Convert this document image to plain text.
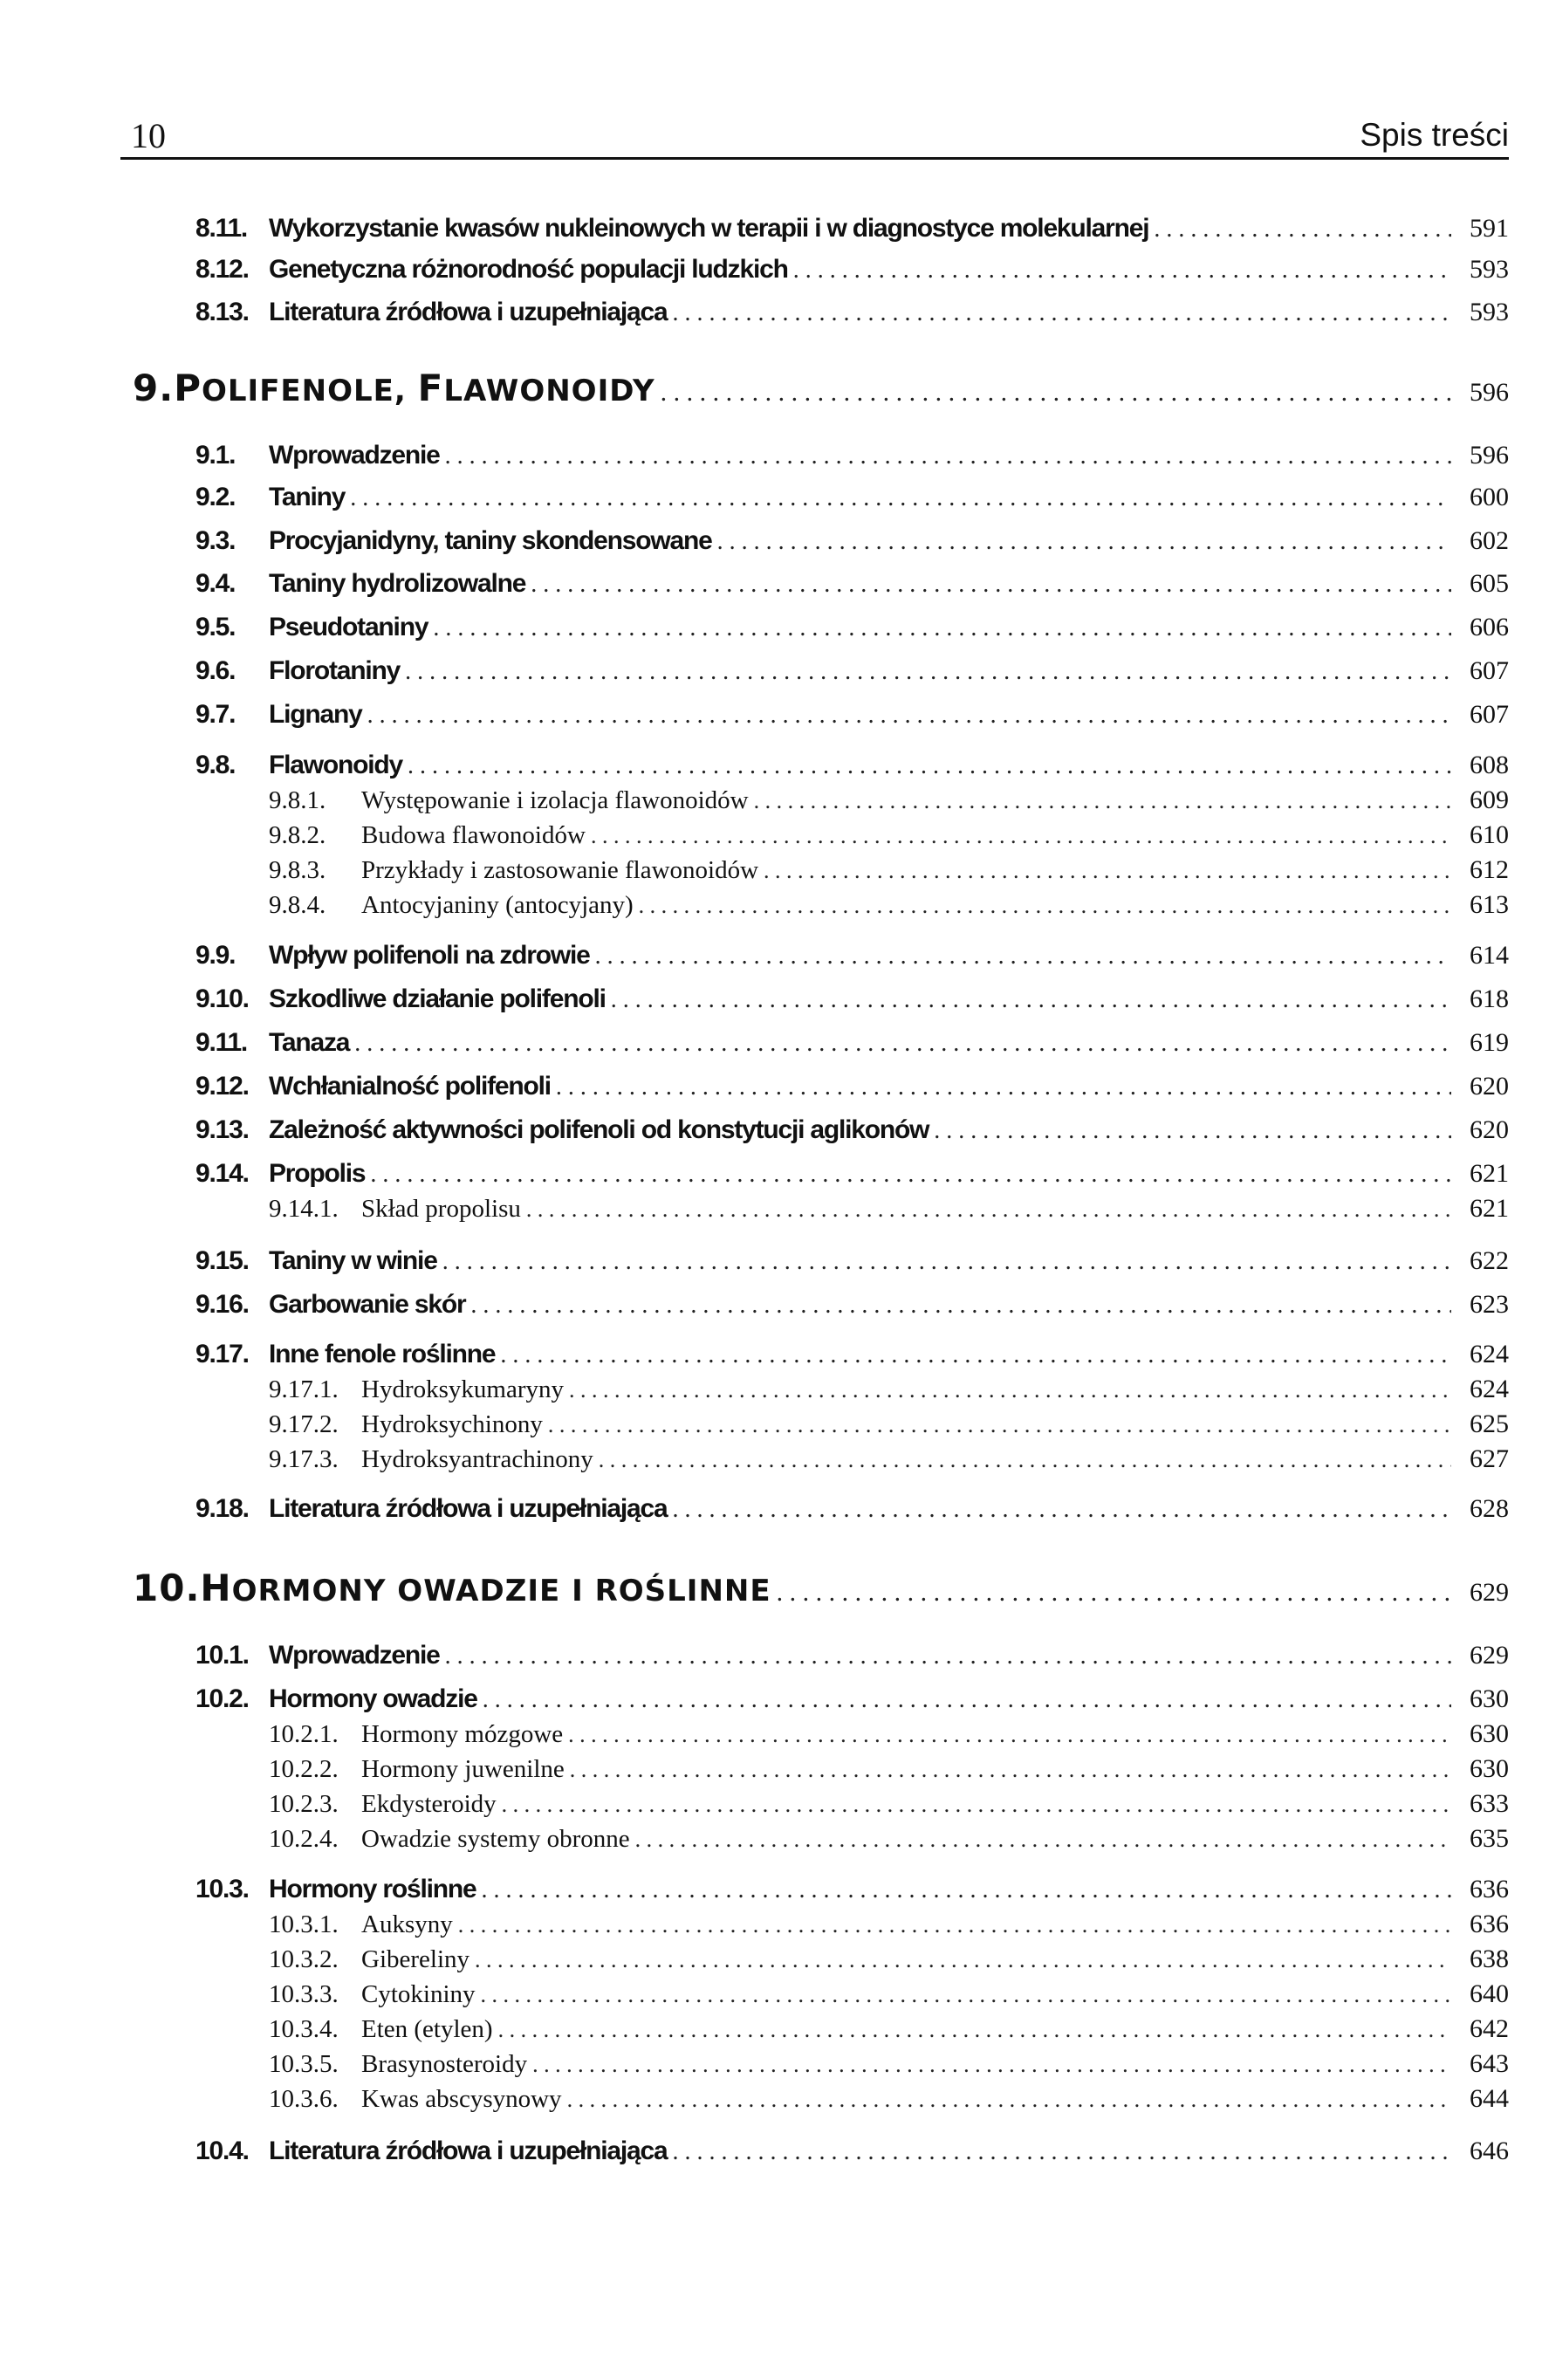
10	Spis treści
8.11. Wykorzystanie kwasów nukleinowych w terapii i w diagnostyce molekularnej . . .	591
8.12. Genetyczna różnorodność populacji ludzkich . . .	593
8.13. Literatura źródłowa i uzupełniająca . . .	593
9. POLIFENOLE, FLAWONOIDY . . .	596
9.1.	Wprowadzenie . . .	596
9.2.	Taniny . . .	600
9.3.	Procyjanidyny, taniny skondensowane . . .	602
9.4.	Taniny hydrolizowalne . . .	605
9.5.	Pseudotaniny . . .	606
9.6.	Florotaniny . . .	607
9.7.	Lignany . . .	607
9.8.	Flawonoidy . . .	608
9.8.1.	Występowanie i izolacja flawonoidów . . .	609
9.8.2.	Budowa flawonoidów . . .	610
9.8.3.	Przykłady i zastosowanie flawonoidów . . .	612
9.8.4.	Antocyjaniny (antocyjany) . . .	613
9.9.	Wpływ polifenoli na zdrowie . . .	614
9.10. Szkodliwe działanie polifenoli . . .	618
9.11. Tanaza . . .	619
9.12. Wchłanialność polifenoli . . .	620
9.13. Zależność aktywności polifenoli od konstytucji aglikonów . . .	620
9.14. Propolis . . .	621
9.14.1. Skład propolisu . . .	621
9.15. Taniny w winie . . .	622
9.16. Garbowanie skór . . .	623
9.17. Inne fenole roślinne . . .	624
9.17.1. Hydroksykumaryny . . .	624
9.17.2. Hydroksychinony . . .	625
9.17.3. Hydroksyantrachinony . . .	627
9.18. Literatura źródłowa i uzupełniająca . . .	628
10. HORMONY OWADZIE I ROŚLINNE . . .	629
10.1. Wprowadzenie . . .	629
10.2. Hormony owadzie . . .	630
10.2.1. Hormony mózgowe . . .	630
10.2.2. Hormony juwenilne . . .	630
10.2.3. Ekdysteroidy . . .	633
10.2.4. Owadzie systemy obronne . . .	635
10.3. Hormony roślinne . . .	636
10.3.1. Auksyny . . .	636
10.3.2. Gibereliny . . .	638
10.3.3. Cytokininy . . .	640
10.3.4. Eten (etylen) . . .	642
10.3.5. Brasynosteroidy . . .	643
10.3.6. Kwas abscysynowy . . .	644
10.4. Literatura źródłowa i uzupełniająca . . .	646
